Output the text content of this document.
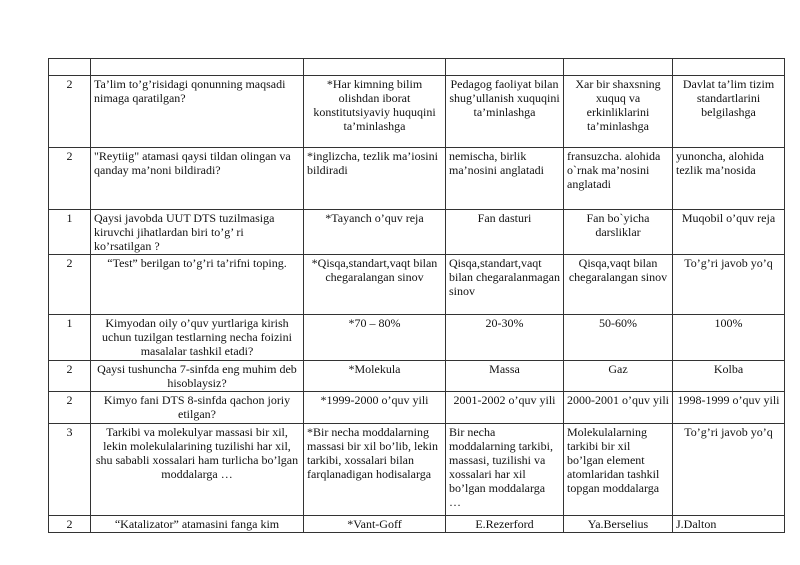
2	Ta’lim to’g’risidagi qonunning maqsadi nimaga qaratilgan?	*Har kimning bilim olishdan iborat konstitutsiyaviy huquqini ta’minlashga	Pedagog faoliyat bilan shug’ullanish xuquqini ta’minlashga	Xar bir shaxsning xuquq va erkinliklarini ta’minlashga	Davlat ta’lim tizim standartlarini belgilashga
2	"Reytiig" atamasi qaysi tildan olingan va qanday ma’noni bildiradi?	*inglizcha, tezlik ma’iosini bildiradi	nemischa, birlik ma’nosini anglatadi	fransuzcha. alohida o`rnak ma’nosini anglatadi	yunoncha, alohida tezlik ma’nosida
1	Qaysi javobda UUT DTS tuzilmasiga kiruvchi jihatlardan biri to’g’ ri ko’rsatilgan ?	*Tayanch o’quv reja	Fan dasturi	Fan bo`yicha darsliklar	Muqobil o’quv reja
2	“Test” berilgan to’g’ri ta’rifni toping.	*Qisqa,standart,vaqt bilan chegaralangan sinov	Qisqa,standart,vaqt bilan chegaralanmagan sinov	Qisqa,vaqt bilan chegaralangan sinov	To’g’ri javob yo’q
1	Kimyodan oily o’quv yurtlariga kirish uchun tuzilgan testlarning necha foizini masalalar tashkil etadi?	*70 – 80%	20-30%	50-60%	100%
2	Qaysi tushuncha 7-sinfda eng muhim deb hisoblaysiz?	*Molekula	Massa	Gaz	Kolba
2	Kimyo fani DTS 8-sinfda qachon joriy etilgan?	*1999-2000 o’quv yili	2001-2002 o’quv yili	2000-2001 o’quv yili	1998-1999 o’quv yili
3	Tarkibi va molekulyar massasi bir xil, lekin molekulalarining tuzilishi har xil, shu sababli xossalari ham turlicha bo’lgan moddalarga …	*Bir necha moddalarning massasi bir xil bo’lib, lekin tarkibi, xossalari bilan farqlanadigan hodisalarga	Bir necha moddalarning tarkibi, massasi, tuzilishi va xossalari har xil bo’lgan moddalarga …	Molekulalarning tarkibi bir xil bo’lgan element atomlaridan tashkil topgan moddalarga	To’g’ri javob yo’q
2	“Katalizator” atamasini fanga kim	*Vant-Goff	E.Rezerford	Ya.Berselius	J.Dalton
